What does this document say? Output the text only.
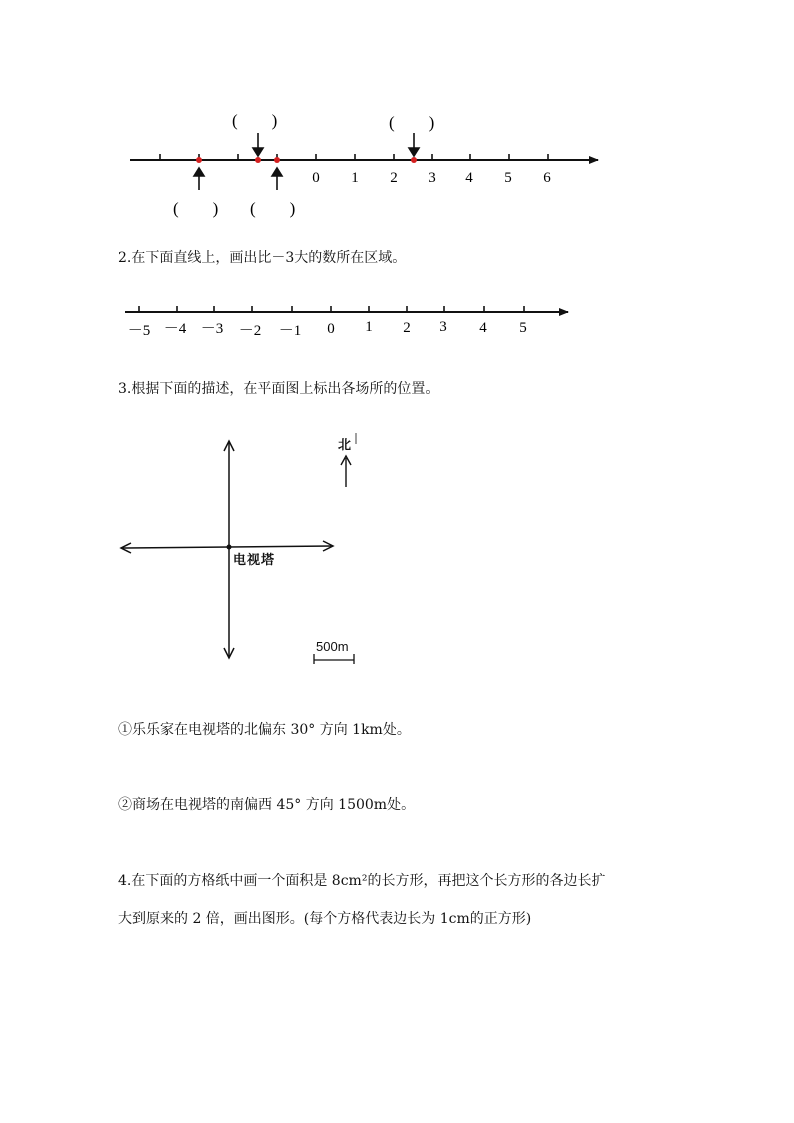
0 1 2 3 4 5 6
(　　)	(　　)
(　　) (　　)
－5 －4 －3 －2 －1 0 1 2 3 4 5
北
电视塔
500m
2.在下面直线上，画出比－3大的数所在区域。
3.根据下面的描述，在平面图上标出各场所的位置。
①乐乐家在电视塔的北偏东 30° 方向 1km处。
②商场在电视塔的南偏西 45° 方向 1500m处。
4.在下面的方格纸中画一个面积是 8cm²的长方形，再把这个长方形的各边长扩
大到原来的 2 倍，画出图形。(每个方格代表边长为 1cm的正方形)
